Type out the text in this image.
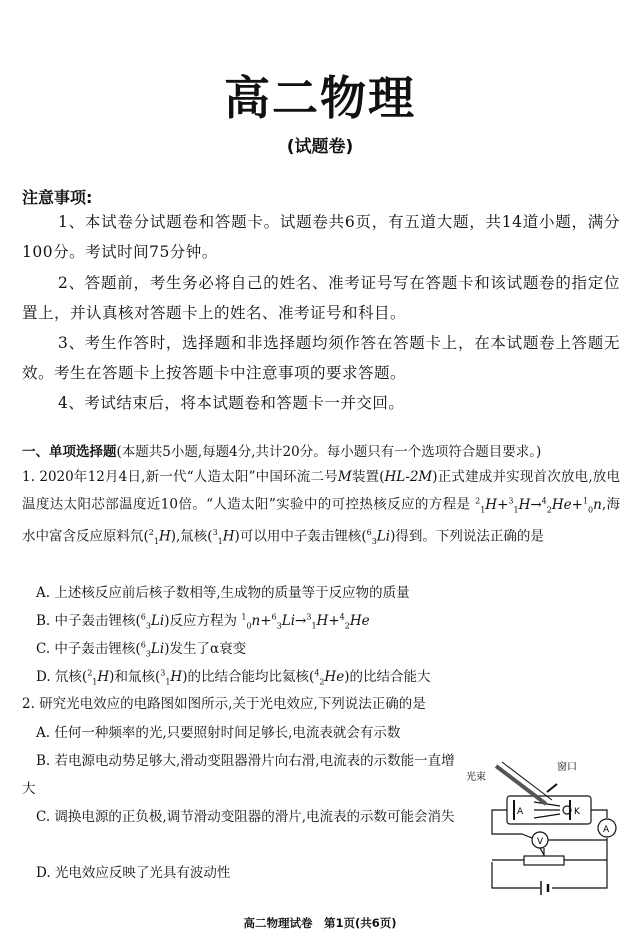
高二物理
(试题卷)
注意事项:
1、本试卷分试题卷和答题卡。试题卷共6页，有五道大题，共14道小题，满分100分。考试时间75分钟。
2、答题前，考生务必将自己的姓名、准考证号写在答题卡和该试题卷的指定位置上，并认真核对答题卡上的姓名、准考证号和科目。
3、考生作答时，选择题和非选择题均须作答在答题卡上，在本试题卷上答题无效。考生在答题卡上按答题卡中注意事项的要求答题。
4、考试结束后，将本试题卷和答题卡一并交回。
一、单项选择题(本题共5小题,每题4分,共计20分。每小题只有一个选项符合题目要求。)
1. 2020年12月4日,新一代“人造太阳”中国环流二号M装置(HL-2M)正式建成并实现首次放电,放电温度达太阳芯部温度近10倍。“人造太阳”实验中的可控热核反应的方程是 $^2_1$H+$^3_1$H→$^4_2$He+$^1_0$n,海水中富含反应原料氘($^2_1$H),氚核($^3_1$H)可以用中子轰击锂核($^6_3$Li)得到。下列说法正确的是
A. 上述核反应前后核子数相等,生成物的质量等于反应物的质量
B. 中子轰击锂核($^6_3$Li)反应方程为 $^1_0$n+$^6_3$Li→$^3_1$H+$^4_2$He
C. 中子轰击锂核($^6_3$Li)发生了α衰变
D. 氘核($^2_1$H)和氚核($^3_1$H)的比结合能均比氦核($^4_2$He)的比结合能大
2. 研究光电效应的电路图如图所示,关于光电效应,下列说法正确的是
A. 任何一种频率的光,只要照射时间足够长,电流表就会有示数
B. 若电源电动势足够大,滑动变阻器滑片向右滑,电流表的示数能一直增大
C. 调换电源的正负极,调节滑动变阻器的滑片,电流表的示数可能会消失
D. 光电效应反映了光具有波动性
窗口
光束
A	K
A
V
高二物理试卷　第1页(共6页)
